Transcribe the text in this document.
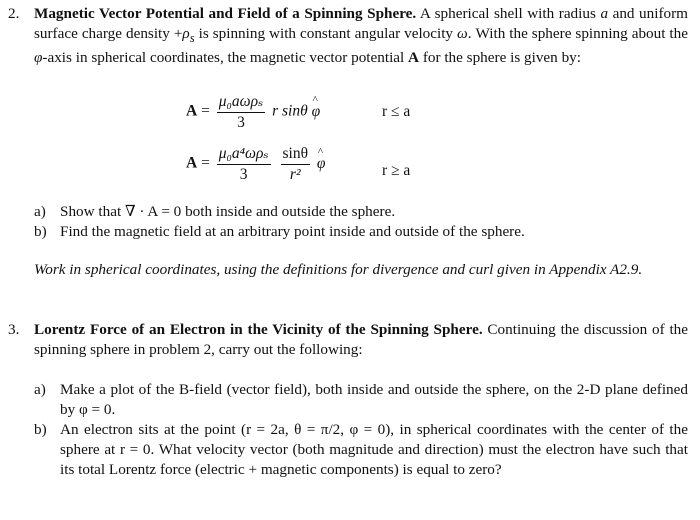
2. Magnetic Vector Potential and Field of a Spinning Sphere. A spherical shell with radius a and uniform surface charge density $+\rho_s$ is spinning with constant angular velocity ω. With the sphere spinning about the φ-axis in spherical coordinates, the magnetic vector potential A for the sphere is given by:
$A = \frac{\text{μ₀aωρₛ}}{3}$ r sinθ ^ φ	r ≤ a
$A = \frac{\text{μ₀a⁴ωρₛ}}{3}$
$\frac{\sin\theta}{\text{r²}}$ ^ φ	r ≥ a
a) Show that ∇ · A = 0 both inside and outside the sphere.
b) Find the magnetic field at an arbitrary point inside and outside of the sphere.
Work in spherical coordinates, using the definitions for divergence and curl given in Appendix A2.9.
3. Lorentz Force of an Electron in the Vicinity of the Spinning Sphere. Continuing the discussion of the spinning sphere in problem 2, carry out the following:
a) Make a plot of the B-field (vector field), both inside and outside the sphere, on the 2-D plane defined by φ = 0.
b) An electron sits at the point (r = 2a, θ = π/2, φ = 0), in spherical coordinates with the center of the sphere at r = 0. What velocity vector (both magnitude and direction) must the electron have such that its total Lorentz force (electric + magnetic components) is equal to zero?
